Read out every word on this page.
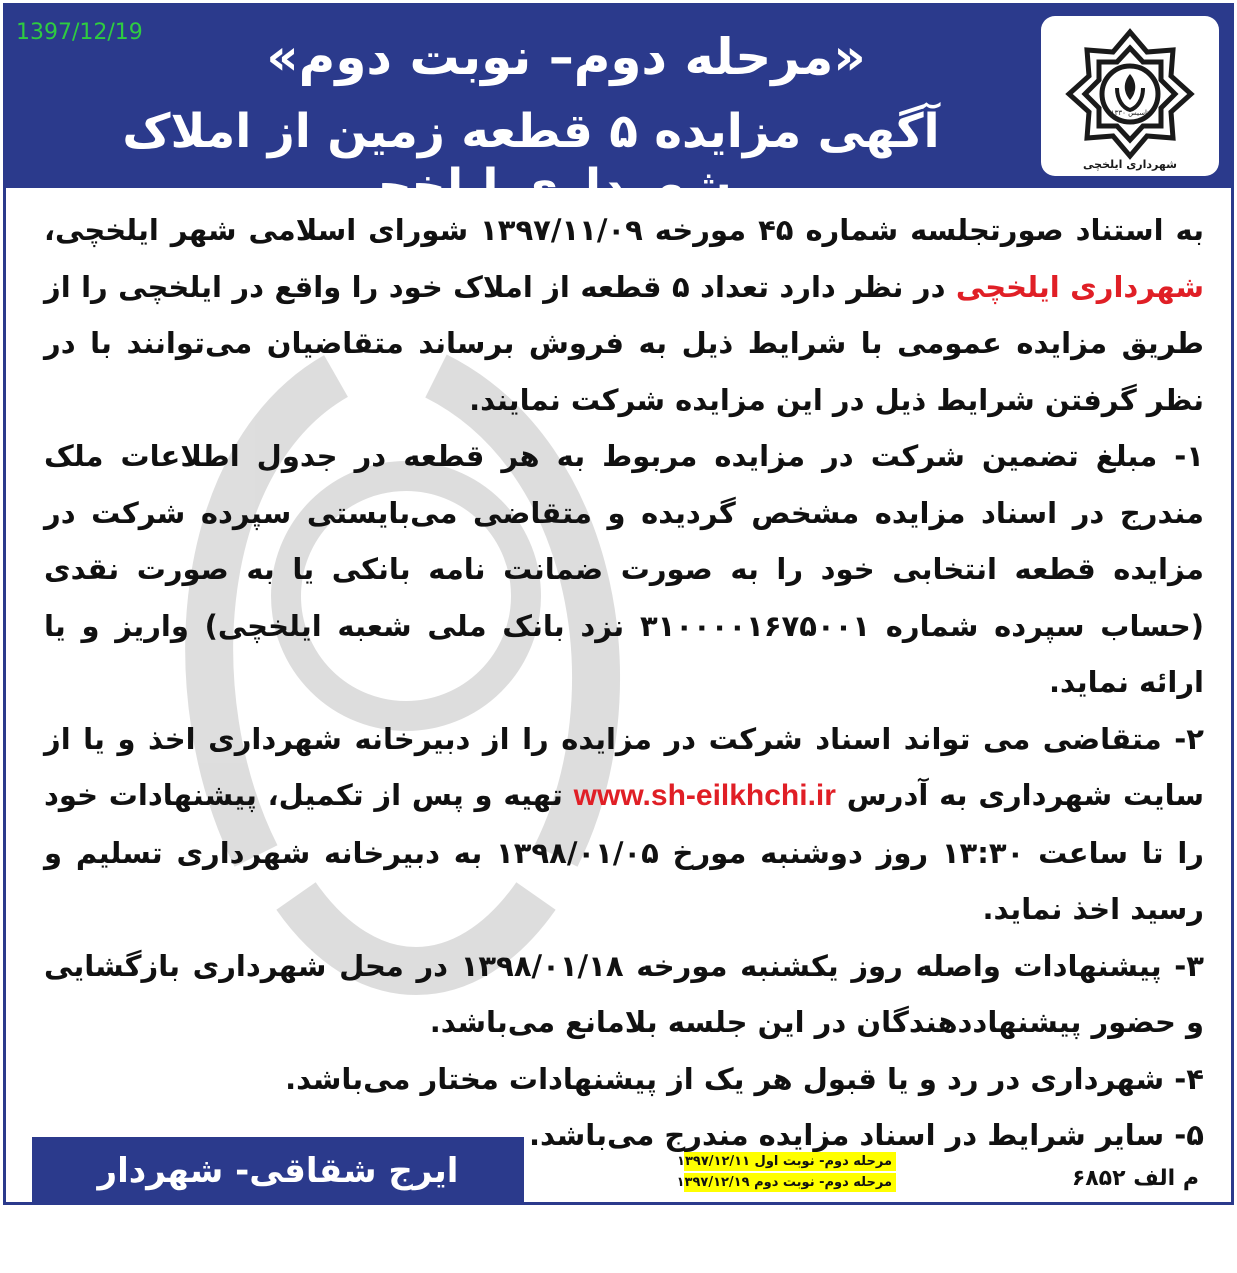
1397/12/19	«مرحله دوم– نوبت دوم»
آگهی مزایده ۵ قطعه زمین از املاک شهرداری ایلخچی
تاسیس ۱۳۳۰
شهرداری ایلخچی

به استناد صورتجلسه شماره ۴۵ مورخه ۱۳۹۷/۱۱/۰۹ شورای اسلامی شهر ایلخچی، شهرداری ایلخچی در نظر دارد تعداد ۵ قطعه از املاک خود را واقع در ایلخچی را از طریق مزایده عمومی با شرایط ذیل به فروش برساند متقاضیان می‌توانند با در نظر گرفتن شرایط ذیل در این مزایده شرکت نمایند.

۱- مبلغ تضمین شرکت در مزایده مربوط به هر قطعه در جدول اطلاعات ملک مندرج در اسناد مزایده مشخص گردیده و متقاضی می‌بایستی سپرده شرکت در مزایده قطعه انتخابی خود را به صورت ضمانت نامه بانکی یا به صورت نقدی (حساب سپرده شماره ۳۱۰۰۰۰۱۶۷۵۰۰۱ نزد بانک ملی شعبه ایلخچی) واریز و یا ارائه نماید.

۲- متقاضی می تواند اسناد شرکت در مزایده را از دبیرخانه شهرداری اخذ و یا از سایت شهرداری به آدرس www.sh-eilkhchi.ir تهیه و پس از تکمیل، پیشنهادات خود را تا ساعت ۱۳:۳۰ روز دوشنبه مورخ ۱۳۹۸/۰۱/۰۵ به دبیرخانه شهرداری تسلیم و رسید اخذ نماید.

۳- پیشنهادات واصله روز یکشنبه مورخه ۱۳۹۸/۰۱/۱۸ در محل شهرداری بازگشایی و حضور پیشنهاددهندگان در این جلسه بلامانع می‌باشد.

۴- شهرداری در رد و یا قبول هر یک از پیشنهادات مختار می‌باشد.

۵- سایر شرایط در اسناد مزایده مندرج می‌باشد.

ایرج شقاقی- شهردار ایلخچی
مرحله دوم- نوبت اول ۱۳۹۷/۱۲/۱۱
مرحله دوم- نوبت دوم ۱۳۹۷/۱۲/۱۹	م الف ۶۸۵۲
